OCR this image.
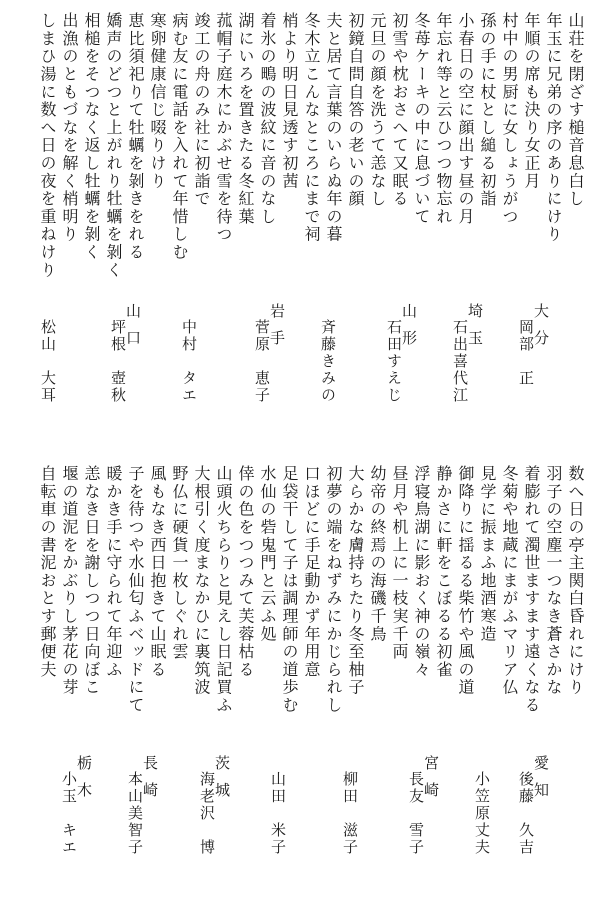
山荘を閉ざす槌音息白し
年玉に兄弟の序のありにけり
年順の席も決り女正月
村中の男厨に女しょうがつ
孫の手に杖とし縋る初詣
小春日の空に顔出す昼の月
年忘れ等と云ひつつ物忘れ
冬苺ケーキの中に息づいて
初雪や枕おさへて又眠る
元旦の顔を洗うて恙なし
初鏡自問自答の老いの顔
夫と居て言葉のいらぬ年の暮
冬木立こんなところにまで祠
梢より明日見透す初茜
着氷の鴫の波紋に音のなし
湖にいろを置きたる冬紅葉
菰帽子庭木にかぶせ雪を待つ
竣工の舟のみ社に初詣で
病む友に電話を入れて年惜しむ
寒卵健康信じ啜りけり
恵比須祀りて牡蠣を剝きをれる
嬌声のどつと上がれり牡蠣を剝く
相槌をそつなく返し牡蠣を剝く
出漁のともづなを解く梢明り
しまひ湯に数へ日の夜を重ねけり
大分
岡部　正
埼玉
石出喜代江
山形
石田すえじ
斉藤きみの
岩手
菅原　恵子
中村　タエ
山口
坪根　壺秋
松山　大耳
数へ日の亭主関白昏れにけり
羽子の空塵一つなき蒼さかな
着膨れて濁世ますます遠くなる
冬菊や地蔵にまがふマリア仏
見学に振まふ地酒寒造
御降りに揺るる柴竹や風の道
静かさに軒をこぼるる初雀
浮寝鳥湖に影おく神の嶺々
昼月や机上に一枝実千両
幼帝の終焉の海磯千鳥
大らかな膚持ちたり冬至柚子
初夢の端をねずみにかじられし
口ほどに手足動かず年用意
足袋干して子は調理師の道歩む
水仙の砦鬼門と云ふ処
倖の色をつつみて芙蓉枯る
山頭火ちらりと見えし日記買ふ
大根引く度まなかひに裏筑波
野仏に硬貨一枚しぐれ雲
風もなき西日抱きて山眠る
子を待つや水仙匂ふベッドにて
暖かき手に守られて年迎ふ
恙なき日を謝しつつ日向ぼこ
堰の道泥をかぶりし茅花の芽
自転車の書泥おとす郵便夫
愛知
後藤　久吉
小笠原丈夫
宮崎
長友　雪子
柳田　滋子
山田　米子
茨城
海老沢　博
長崎
本山美智子
栃木
小玉　キエ
